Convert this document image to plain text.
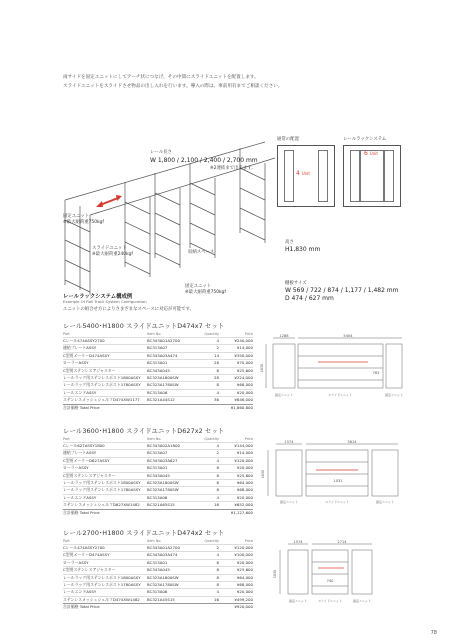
両サイドを固定ユニットにしてアーチ状につなげ、その中間にスライドユニットを配置します。
スライドユニットをスライドさせ物品の出し入れを行います。導入の際は、事前用有までご相談ください。
レール長さ
W 1,800 / 2,100 / 2,400 / 2,700 mm
※2連結まで出来ます。
固定ユニット
※最大耐荷重750kgf
スライドユニット
※最大耐荷重240kgf	収納スペース
固定ユニット
※最大耐荷重750kgf
高さ
H1,830 mm
棚板サイズ
W 569 / 722 / 874 / 1,177 / 1,482 mm
D 474 / 627 mm
レールラックシステム構成例
Example Of Rail Track System Configuration
ユニットの組合せ方によりさまざまなスペースに対応が可能です。
通常の配置
4 Unit
レールラックシステム
6 Unit
レール5400･H1800 スライドユニットD474x7 セット
Part	Item No.	Quantity	Price
Cレール474ASSY2700	BC343A01A2700	4	¥240,000
連結プレートASSY	BC313A07	2	¥14,000
C型用メーリーD474ASSY	BC343A03A474	14	¥350,000
ローラーASSY	BC313A01	28	¥70,000
C型用ステンレスアジャスター	BC343A045	8	¥25,600
レールラック用ステンレスポスト1800ASSY	BC323A1800SW	28	¥224,000
レールラック用ステンレスポスト1780ASSY	BC323A1780SW	8	¥68,000
レールエンドASSY	BC313A06	4	¥20,000
ステンレスメッシュシェルフD474XW1177	BC321A44S12	36	¥846,000
合計価格 Total Price			¥1,860,800
1288	5404
783
1830
固定ユニット	スライドユニット	固定ユニット
レール3600･H1800 スライドユニットD627x2 セット
Part	Item No.	Quantity	Price
Cレール627ASSY1800	BC343A02A1800	4	¥144,000
連結プレートASSY	BC313A07	2	¥14,000
C型用メーリーD627ASSY	BC343A03A627	4	¥120,000
ローラーASSY	BC313A01	8	¥20,000
C型用ステンレスアジャスター	BC343A045	8	¥25,600
レールラック用ステンレスポスト1800ASSY	BC323A1800SW	8	¥64,000
レールラック用ステンレスポスト1780ASSY	BC323A1780SW	8	¥68,000
レールエンドASSY	BC313A06	4	¥20,000
ステンレスメッシュシェルフD627XW1482	BC321A65S15	16	¥652,000
合計価格 Total Price			¥1,127,600
1574	3614
1031
1830
固定ユニット	スライドユニット	固定ユニット
レール2700･H1800 スライドユニットD474x2 セット
Part	Item No.	Quantity	Price
Cレール474ASSY2700	BC343A01A2700	2	¥120,000
C型用メーリーD474ASSY	BC343A03A474	4	¥100,000
ローラーASSY	BC313A01	8	¥20,000
C型用ステンレスアジャスター	BC343A045	8	¥25,600
レールラック用ステンレスポスト1800ASSY	BC323A1800SW	8	¥64,000
レールラック用ステンレスポスト1780ASSY	BC323A1780SW	8	¥68,000
レールエンドASSY	BC313A06	4	¥20,000
ステンレスメッシュシェルフD474XW1482	BC321A45S15	16	¥499,200
合計価格 Total Price			¥920,000
1574	2714
740
1830
固定ユニット	スライドユニット	固定ユニット
78
